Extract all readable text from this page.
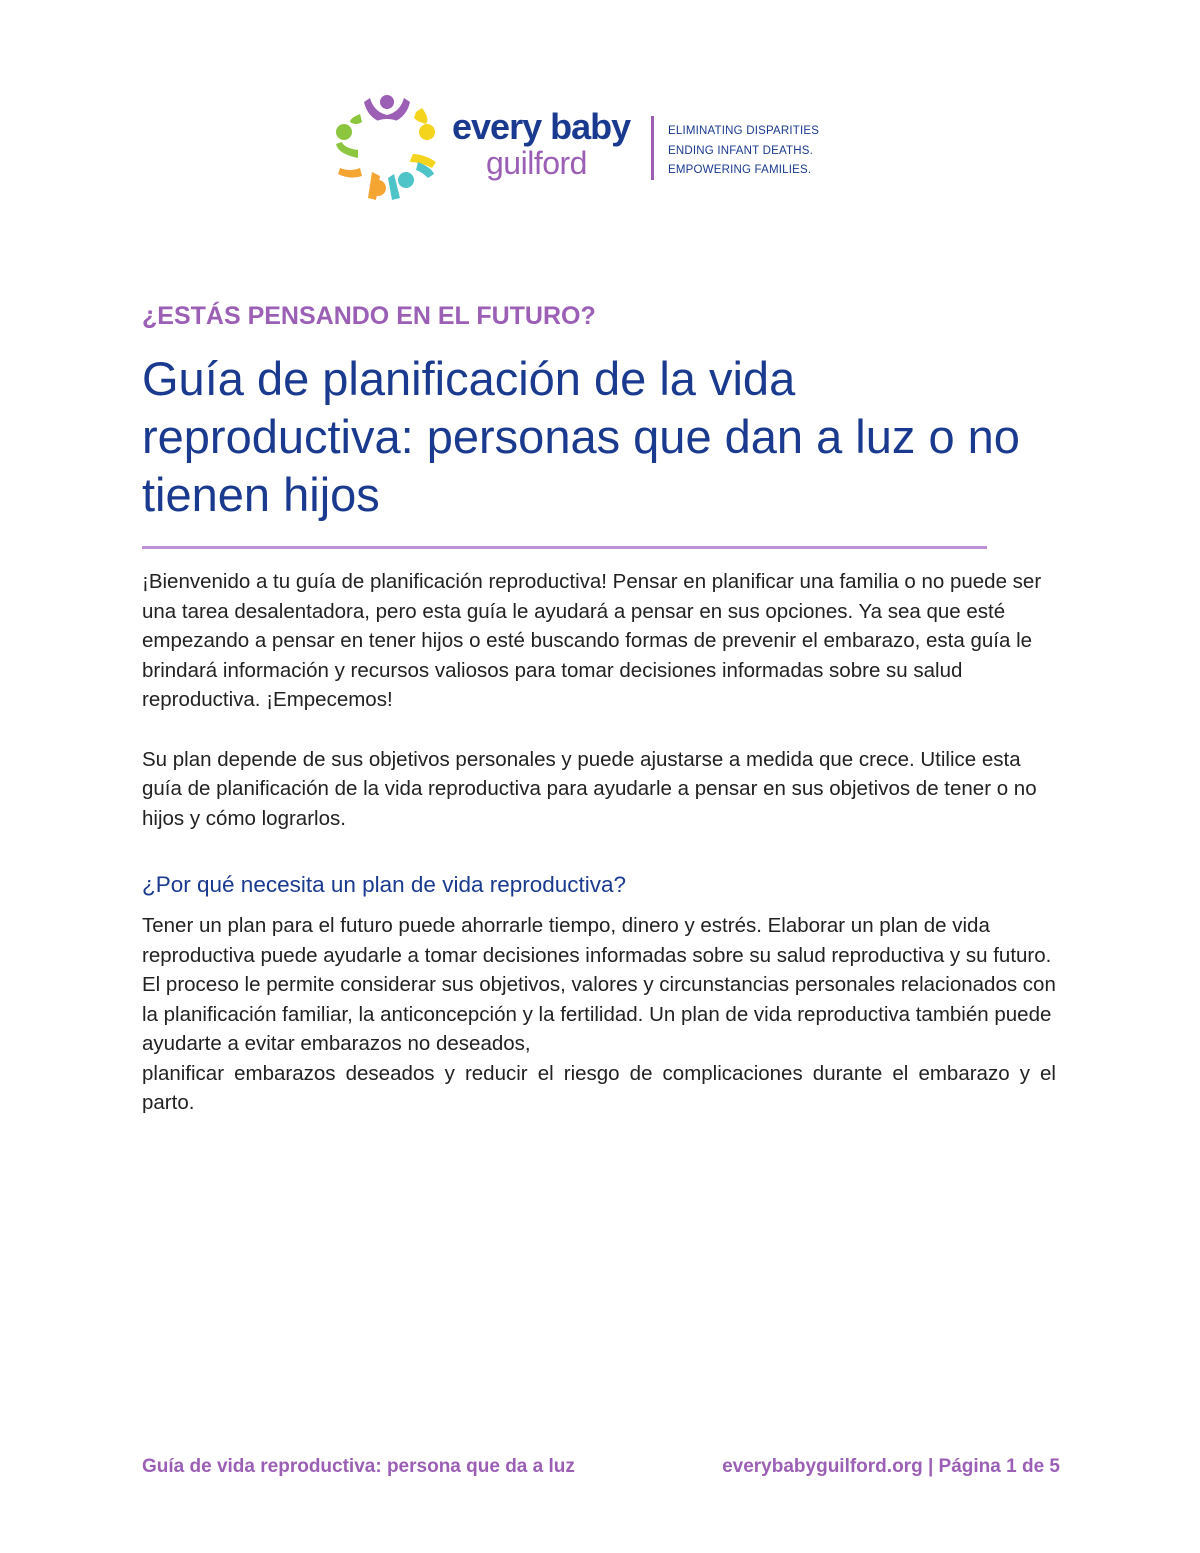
every baby
guilford
ELIMINATING DISPARITIES
ENDING INFANT DEATHS.
EMPOWERING FAMILIES.

¿ESTÁS PENSANDO EN EL FUTURO?

Guía de planificación de la vida reproductiva: personas que dan a luz o no tienen hijos

¡Bienvenido a tu guía de planificación reproductiva! Pensar en planificar una familia o no puede ser una tarea desalentadora, pero esta guía le ayudará a pensar en sus opciones. Ya sea que esté empezando a pensar en tener hijos o esté buscando formas de prevenir el embarazo, esta guía le brindará información y recursos valiosos para tomar decisiones informadas sobre su salud reproductiva. ¡Empecemos!

Su plan depende de sus objetivos personales y puede ajustarse a medida que crece. Utilice esta guía de planificación de la vida reproductiva para ayudarle a pensar en sus objetivos de tener o no hijos y cómo lograrlos.

¿Por qué necesita un plan de vida reproductiva?

Tener un plan para el futuro puede ahorrarle tiempo, dinero y estrés. Elaborar un plan de vida reproductiva puede ayudarle a tomar decisiones informadas sobre su salud reproductiva y su futuro. El proceso le permite considerar sus objetivos, valores y circunstancias personales relacionados con la planificación familiar, la anticoncepción y la fertilidad. Un plan de vida reproductiva también puede ayudarte a evitar embarazos no deseados,
planificar embarazos deseados y reducir el riesgo de complicaciones durante el embarazo y el parto.

Guía de vida reproductiva: persona que da a luz	everybabyguilford.org | Página 1 de 5
